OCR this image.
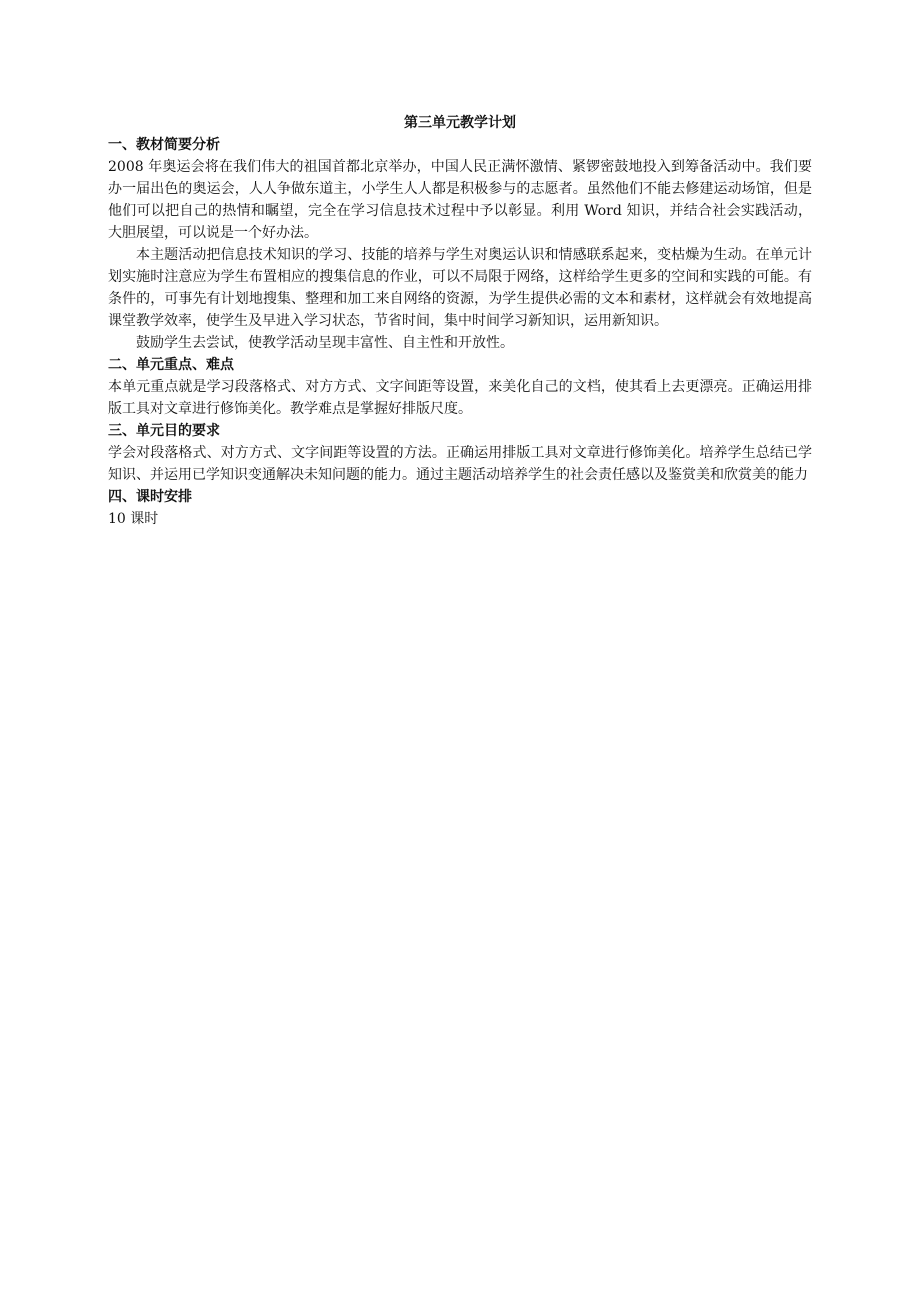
第三单元教学计划
一、教材简要分析

2008 年奥运会将在我们伟大的祖国首都北京举办，中国人民正满怀激情、紧锣密鼓地投入到筹备活动中。我们要办一届出色的奥运会，人人争做东道主，小学生人人都是积极参与的志愿者。虽然他们不能去修建运动场馆，但是他们可以把自己的热情和瞩望，完全在学习信息技术过程中予以彰显。利用 Word 知识，并结合社会实践活动，大胆展望，可以说是一个好办法。

本主题活动把信息技术知识的学习、技能的培养与学生对奥运认识和情感联系起来，变枯燥为生动。在单元计划实施时注意应为学生布置相应的搜集信息的作业，可以不局限于网络，这样给学生更多的空间和实践的可能。有条件的，可事先有计划地搜集、整理和加工来自网络的资源，为学生提供必需的文本和素材，这样就会有效地提高课堂教学效率，使学生及早进入学习状态，节省时间，集中时间学习新知识，运用新知识。

鼓励学生去尝试，使教学活动呈现丰富性、自主性和开放性。

二、单元重点、难点

本单元重点就是学习段落格式、对方方式、文字间距等设置，来美化自己的文档，使其看上去更漂亮。正确运用排版工具对文章进行修饰美化。教学难点是掌握好排版尺度。

三、单元目的要求

学会对段落格式、对方方式、文字间距等设置的方法。正确运用排版工具对文章进行修饰美化。培养学生总结已学知识、并运用已学知识变通解决未知问题的能力。通过主题活动培养学生的社会责任感以及鉴赏美和欣赏美的能力

四、课时安排

10 课时
